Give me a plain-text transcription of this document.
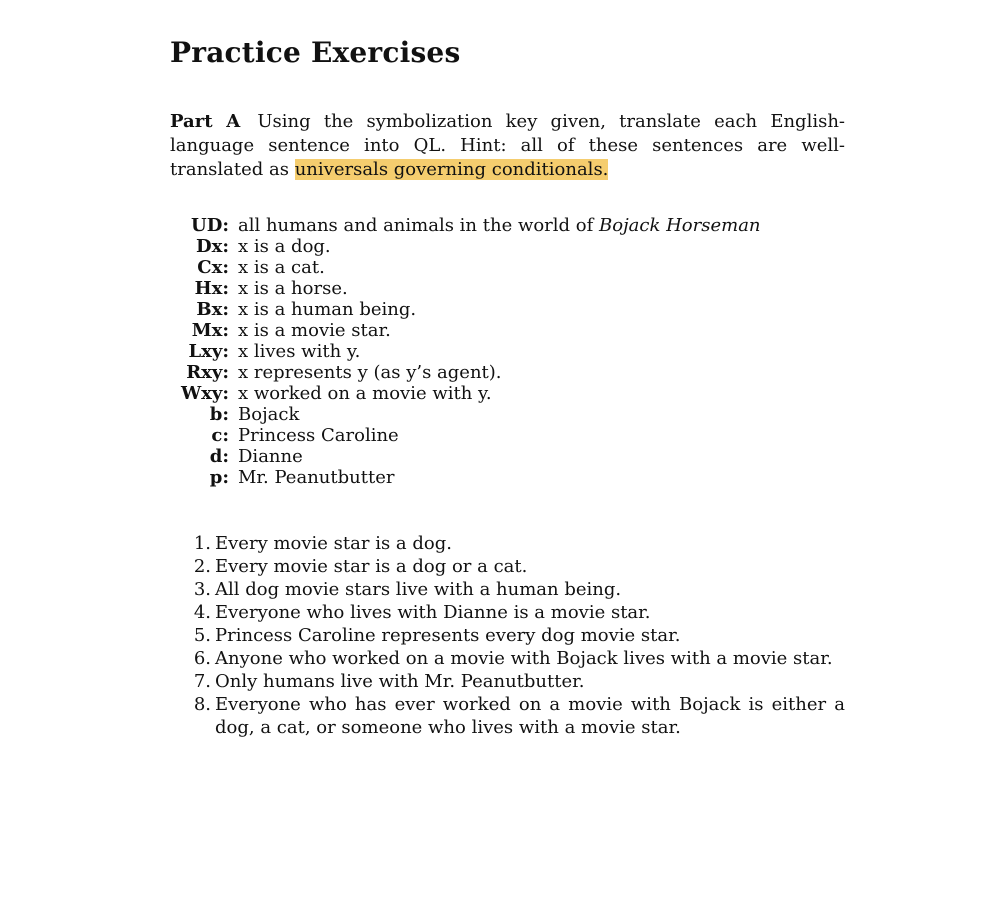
Practice Exercises

Part A Using the symbolization key given, translate each English-language sentence into QL. Hint: all of these sentences are well-translated as universals governing conditionals.

UD: all humans and animals in the world of Bojack Horseman
Dx: x is a dog.
Cx: x is a cat.
Hx: x is a horse.
Bx: x is a human being.
Mx: x is a movie star.
Lxy: x lives with y.
Rxy: x represents y (as y’s agent).
Wxy: x worked on a movie with y.
b: Bojack
c: Princess Caroline
d: Dianne
p: Mr. Peanutbutter
1. Every movie star is a dog.
2. Every movie star is a dog or a cat.
3. All dog movie stars live with a human being.
4. Everyone who lives with Dianne is a movie star.
5. Princess Caroline represents every dog movie star.
6. Anyone who worked on a movie with Bojack lives with a movie star.
7. Only humans live with Mr. Peanutbutter.
8. Everyone who has ever worked on a movie with Bojack is either a dog, a cat, or someone who lives with a movie star.
